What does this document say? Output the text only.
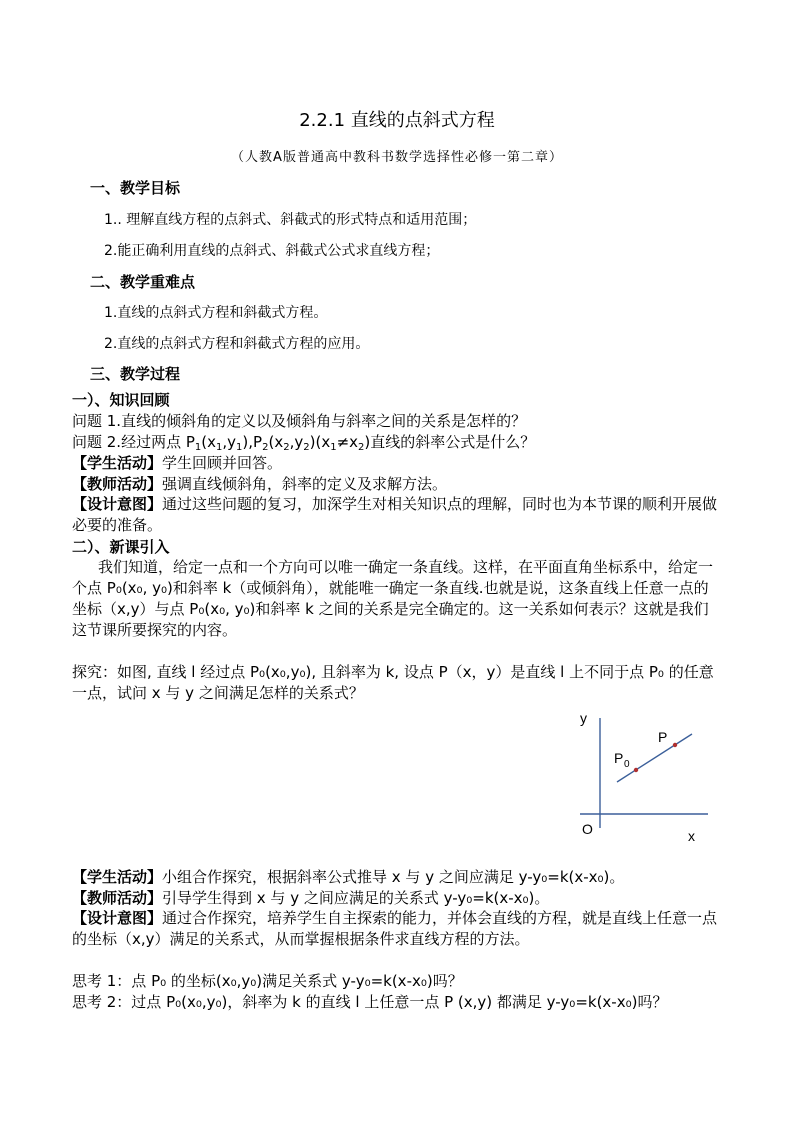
2.2.1 直线的点斜式方程
（人教A版普通高中教科书数学选择性必修一第二章）
一、教学目标
1.. 理解直线方程的点斜式、斜截式的形式特点和适用范围；
2.能正确利用直线的点斜式、斜截式公式求直线方程；
二、教学重难点
1.直线的点斜式方程和斜截式方程。
2.直线的点斜式方程和斜截式方程的应用。
三、教学过程
一）、知识回顾
问题 1.直线的倾斜角的定义以及倾斜角与斜率之间的关系是怎样的？
问题 2.经过两点 $P_1(x_1,y_1),P_2(x_2,y_2)(x_1\ne x_2)$直线的斜率公式是什么？
【学生活动】学生回顾并回答。
【教师活动】强调直线倾斜角，斜率的定义及求解方法。
【设计意图】通过这些问题的复习，加深学生对相关知识点的理解，同时也为本节课的顺利开展做必要的准备。
二）、新课引入
我们知道，给定一点和一个方向可以唯一确定一条直线。这样，在平面直角坐标系中，给定一个点 P₀(x₀, y₀)和斜率 k（或倾斜角），就能唯一确定一条直线.也就是说，这条直线上任意一点的坐标（x,y）与点 P₀(x₀, y₀)和斜率 k 之间的关系是完全确定的。这一关系如何表示？这就是我们这节课所要探究的内容。
探究：如图, 直线 l 经过点 P₀(x₀,y₀), 且斜率为 k, 设点 P（x，y）是直线 l 上不同于点 P₀ 的任意一点，试问 x 与 y 之间满足怎样的关系式？
y
x
O
P
P 0
【学生活动】小组合作探究，根据斜率公式推导 x 与 y 之间应满足 y-y₀=k(x-x₀)。
【教师活动】引导学生得到 x 与 y 之间应满足的关系式 y-y₀=k(x-x₀)。
【设计意图】通过合作探究，培养学生自主探索的能力，并体会直线的方程，就是直线上任意一点的坐标（x,y）满足的关系式，从而掌握根据条件求直线方程的方法。
思考 1：点 P₀ 的坐标(x₀,y₀)满足关系式 y-y₀=k(x-x₀)吗？
思考 2：过点 P₀(x₀,y₀)，斜率为 k 的直线 l 上任意一点 P (x,y) 都满足 y-y₀=k(x-x₀)吗？
